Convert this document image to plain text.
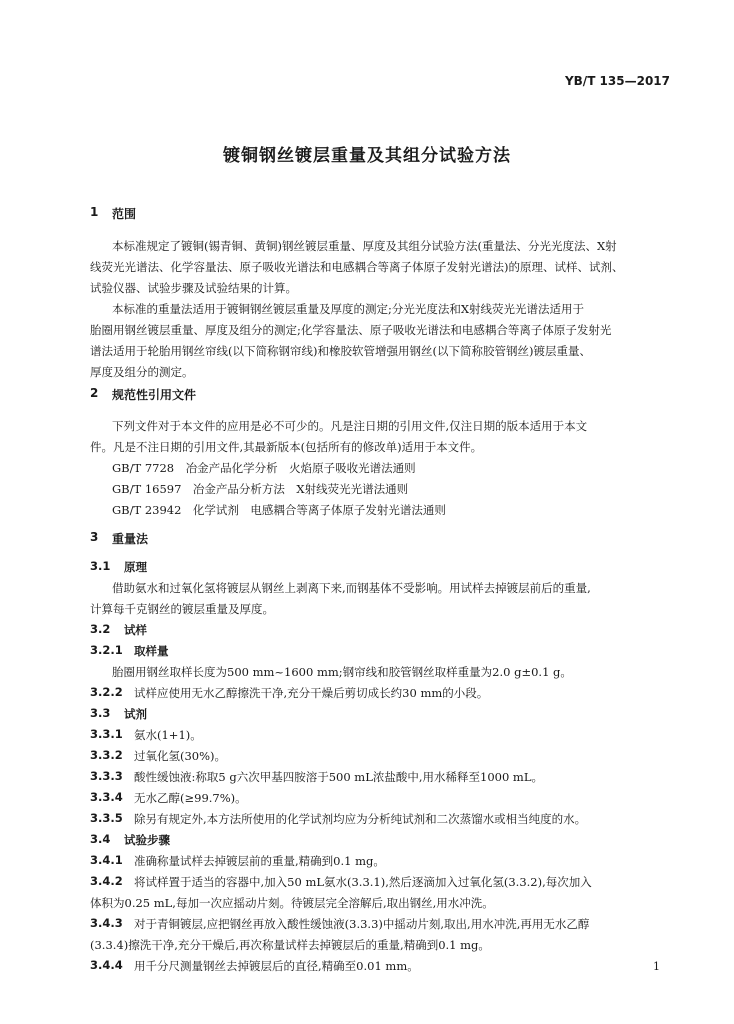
YB/T 135—2017
镀铜钢丝镀层重量及其组分试验方法
1 范围
本标准规定了镀铜(锡青铜、黄铜)钢丝镀层重量、厚度及其组分试验方法(重量法、分光光度法、X射
线荧光光谱法、化学容量法、原子吸收光谱法和电感耦合等离子体原子发射光谱法)的原理、试样、试剂、
试验仪器、试验步骤及试验结果的计算。
本标准的重量法适用于镀铜钢丝镀层重量及厚度的测定;分光光度法和X射线荧光光谱法适用于
胎圈用钢丝镀层重量、厚度及组分的测定;化学容量法、原子吸收光谱法和电感耦合等离子体原子发射光
谱法适用于轮胎用钢丝帘线(以下简称钢帘线)和橡胶软管增强用钢丝(以下简称胶管钢丝)镀层重量、
厚度及组分的测定。
2 规范性引用文件
下列文件对于本文件的应用是必不可少的。凡是注日期的引用文件,仅注日期的版本适用于本文
件。凡是不注日期的引用文件,其最新版本(包括所有的修改单)适用于本文件。
GB/T 7728　冶金产品化学分析　火焰原子吸收光谱法通则
GB/T 16597　冶金产品分析方法　X射线荧光光谱法通则
GB/T 23942　化学试剂　电感耦合等离子体原子发射光谱法通则
3 重量法
3.1 原理
借助氨水和过氧化氢将镀层从钢丝上剥离下来,而钢基体不受影响。用试样去掉镀层前后的重量,
计算每千克钢丝的镀层重量及厚度。
3.2 试样
3.2.1 取样量
胎圈用钢丝取样长度为500 mm~1600 mm;钢帘线和胶管钢丝取样重量为2.0 g±0.1 g。
3.2.2 试样应使用无水乙醇擦洗干净,充分干燥后剪切成长约30 mm的小段。
3.3 试剂
3.3.1 氨水(1+1)。
3.3.2 过氧化氢(30%)。
3.3.3 酸性缓蚀液:称取5 g六次甲基四胺溶于500 mL浓盐酸中,用水稀释至1000 mL。
3.3.4 无水乙醇(≥99.7%)。
3.3.5 除另有规定外,本方法所使用的化学试剂均应为分析纯试剂和二次蒸馏水或相当纯度的水。
3.4 试验步骤
3.4.1 准确称量试样去掉镀层前的重量,精确到0.1 mg。
3.4.2 将试样置于适当的容器中,加入50 mL氨水(3.3.1),然后逐滴加入过氧化氢(3.3.2),每次加入
体积为0.25 mL,每加一次应摇动片刻。待镀层完全溶解后,取出钢丝,用水冲洗。
3.4.3 对于青铜镀层,应把钢丝再放入酸性缓蚀液(3.3.3)中摇动片刻,取出,用水冲洗,再用无水乙醇
(3.3.4)擦洗干净,充分干燥后,再次称量试样去掉镀层后的重量,精确到0.1 mg。
3.4.4 用千分尺测量钢丝去掉镀层后的直径,精确至0.01 mm。	1
